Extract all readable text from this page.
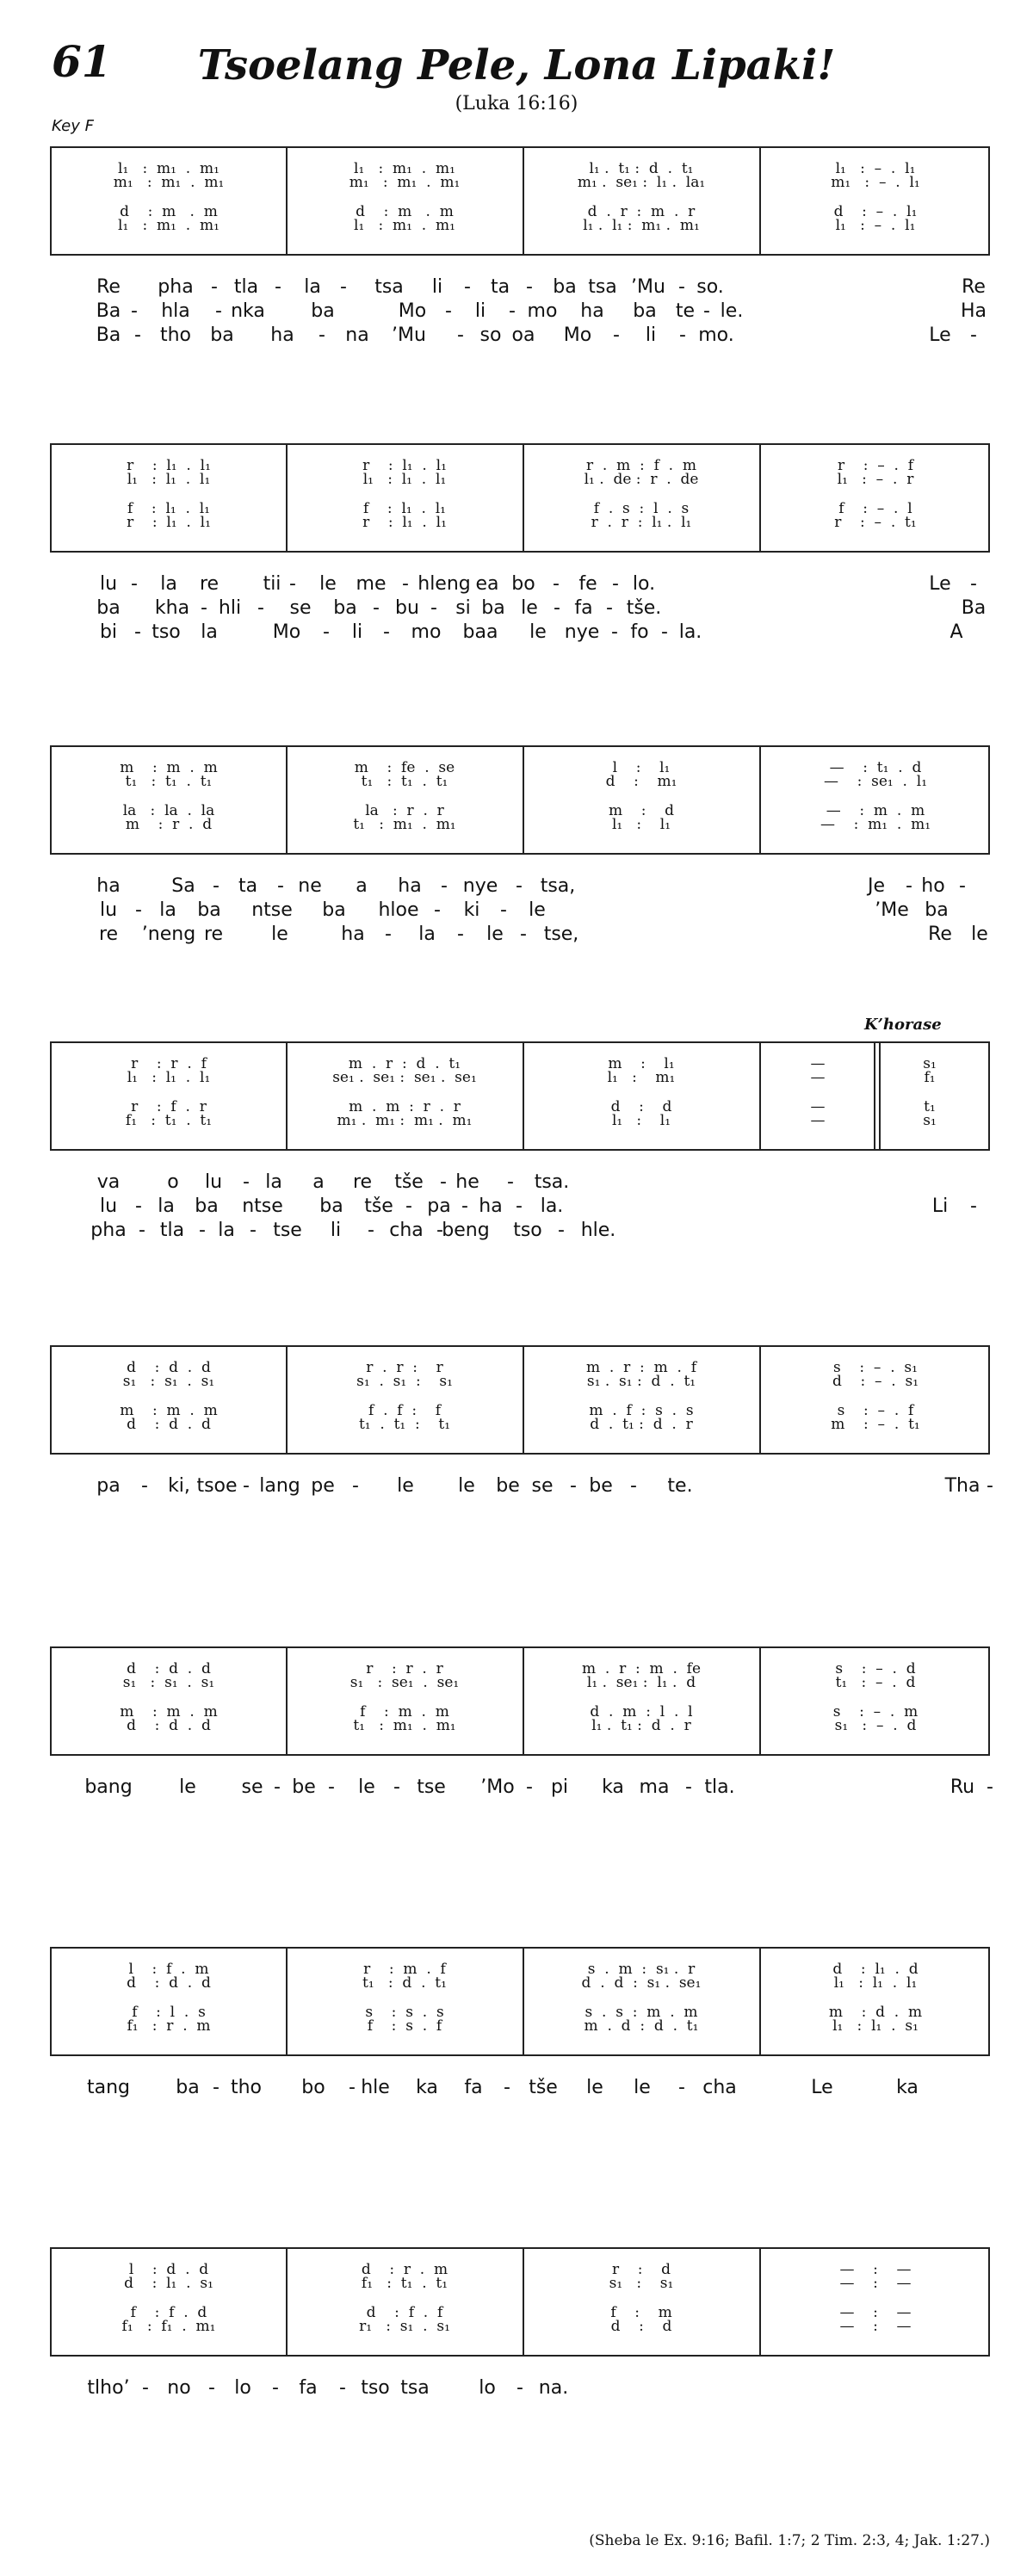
61	Tsoelang Pele, Lona Lipaki!
(Luka 16:16)
Key F
K’horase
(Sheba le Ex. 9:16; Bafil. 1:7; 2 Tim. 2:3, 4; Jak. 1:27.)
l₁   :  m₁  .  m₁	l₁   :  m₁  .  m₁	l₁ .  t₁ :  d  .  t₁	l₁   :  –  .  l₁
m₁   :  m₁  .  m₁	m₁   :  m₁  .  m₁	m₁ .  se₁ :  l₁ .  la₁	m₁   :  –  .  l₁
d    :  m   .  m	d    :  m   .  m	d  .  r  :  m  .  r	d    :  –  .  l₁
l₁   :  m₁  .  m₁	l₁   :  m₁  .  m₁	l₁ .  l₁ :  m₁ .  m₁	l₁   :  –  .  l₁
r    :  l₁  .  l₁	r    :  l₁  .  l₁	r  .  m  :  f  .  m	r    :  –  .  f
l₁   :  l₁  .  l₁	l₁   :  l₁  .  l₁	l₁ .  de :  r  .  de	l₁   :  –  .  r
f    :  l₁  .  l₁	f    :  l₁  .  l₁	f  .  s  :  l  .  s	f    :  –  .  l
r    :  l₁  .  l₁	r    :  l₁  .  l₁	r  .  r  :  l₁ .  l₁	r    :  –  .  t₁
m    :  m  .  m	m    :  fe  .  se	l    :    l₁	—    :  t₁  .  d
t₁   :  t₁  .  t₁	t₁   :  t₁  .  t₁	d    :    m₁	—    :  se₁  .  l₁
la   :  la  .  la	la   :  r  .  r	m    :    d	—    :  m  .  m
m    :  r  .  d	t₁   :  m₁  .  m₁	l₁   :    l₁	—    :  m₁  .  m₁
r    :  r  .  f	m  .  r  :  d  .  t₁	m    :    l₁	—	s₁
l₁   :  l₁  .  l₁	se₁ .  se₁ :  se₁ .  se₁	l₁   :    m₁	—	f₁
r    :  f  .  r	m  .  m  :  r  .  r	d    :    d	—	t₁
f₁   :  t₁  .  t₁	m₁ .  m₁ :  m₁ .  m₁	l₁   :    l₁	—	s₁
d    :  d  .  d	r  .  r  :    r	m  .  r  :  m  .  f	s    :  –  .  s₁
s₁   :  s₁  .  s₁	s₁  .  s₁  :    s₁	s₁ .  s₁ :  d  .  t₁	d    :  –  .  s₁
m    :  m  .  m	f  .  f  :    f	m  .  f  :  s  .  s	s    :  –  .  f
d    :  d  .  d	t₁  .  t₁  :    t₁	d  .  t₁ :  d  .  r	m    :  –  .  t₁
d    :  d  .  d	r    :  r  .  r	m  .  r  :  m  .  fe	s    :  –  .  d
s₁   :  s₁  .  s₁	s₁   :  se₁  .  se₁	l₁ .  se₁ :  l₁ .  d	t₁   :  –  .  d
m    :  m  .  m	f    :  m  .  m	d  .  m  :  l  .  l	s    :  –  .  m
d    :  d  .  d	t₁   :  m₁  .  m₁	l₁ .  t₁ :  d  .  r	s₁   :  –  .  d
l    :  f  .  m	r    :  m  .  f	s  .  m  :  s₁ .  r	d    :  l₁  .  d
d    :  d  .  d	t₁   :  d  .  t₁	d  .  d  :  s₁ .  se₁	l₁   :  l₁  .  l₁
f    :  l  .  s	s    :  s  .  s	s  .  s  :  m  .  m	m    :  d  .  m
f₁   :  r  .  m	f    :  s  .  f	m  .  d  :  d  .  t₁	l₁   :  l₁  .  s₁
l    :  d  .  d	d    :  r  .  m	r    :    d	—    :    —
d    :  l₁  .  s₁	f₁   :  t₁  .  t₁	s₁   :    s₁	—    :    —
f    :  f  .  d	d    :  f  .  f	f    :    m	—    :    —
f₁   :  f₁  .  m₁	r₁   :  s₁  .  s₁	d    :    d	—    :    —
Re pha - tla - la - tsa li - ta - ba tsa ’Mu - so.	Re
Ba - hla - nka ba	Mo - li - mo ha ba te - le.	Ha
Ba - tho ba ha - na ’Mu - so oa Mo - li - mo.	Le -
lu - la re tii - le me - hleng ea bo - fe - lo.	Le -
ba kha - hli - se ba - bu - si ba le - fa - tše.	Ba
bi - tso la	Mo - li - mo baa le nye - fo - la.	A
ha	Sa - ta - ne a ha - nye - tsa,	Je - ho -
lu - la ba ntse ba hloe - ki - le	’Me ba
re ’neng re	le	ha - la - le - tse,	Re le
va	o lu - la a re tše - he - tsa.
lu - la ba ntse ba tše - pa - ha - la.	Li -
pha - tla - la - tse li - cha -
beng tso - hle.
pa - ki, tsoe - lang pe - le le be se - be - te.	Tha -
bang le se - be - le - tse ’Mo - pi ka ma - tla.	Ru -
tang ba - tho bo - hle ka fa - tše le le - cha	Le	ka
tlho’ - no - lo - fa - tso tsa	lo - na.
